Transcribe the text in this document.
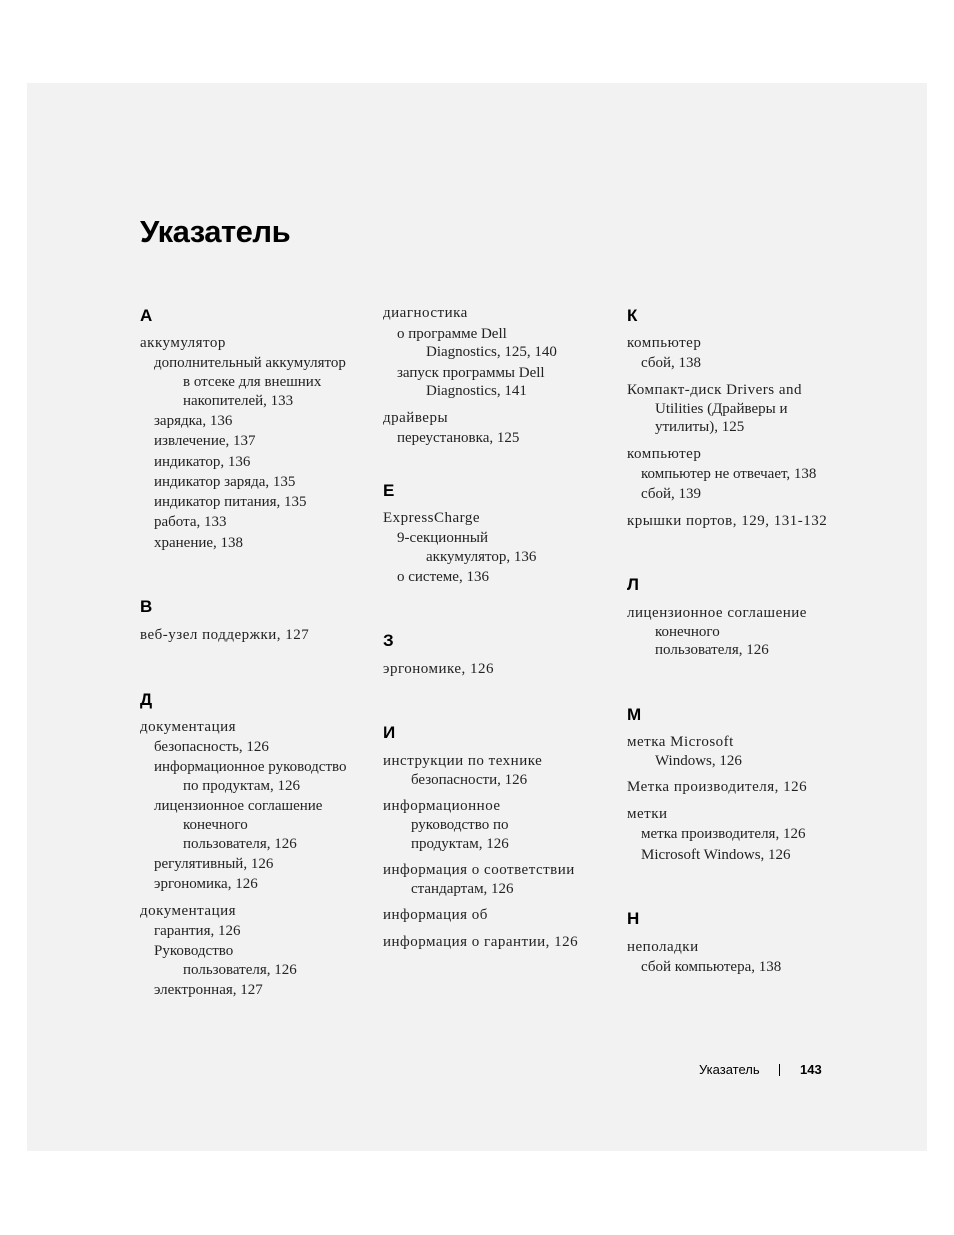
Указатель
А
аккумулятор
дополнительный аккумулятор
в отсеке для внешних
накопителей, 133
зарядка, 136
извлечение, 137
индикатор, 136
индикатор заряда, 135
индикатор питания, 135
работа, 133
хранение, 138
В
веб-узел поддержки, 127
Д
документация
безопасность, 126
информационное руководство
по продуктам, 126
лицензионное соглашение
конечного
пользователя, 126
регулятивный, 126
эргономика, 126
документация
гарантия, 126
Руководство
пользователя, 126
электронная, 127
диагностика
о программе Dell
Diagnostics, 125, 140
запуск программы Dell
Diagnostics, 141
драйверы
переустановка, 125
E
ExpressCharge
9-секционный
аккумулятор, 136
о системе, 136
З
эргономике, 126
И
инструкции по технике
безопасности, 126
информационное
руководство по
продуктам, 126
информация о соответствии
стандартам, 126
информация об
информация о гарантии, 126
К
компьютер
сбой, 138
Компакт-диск Drivers and
Utilities (Драйверы и
утилиты), 125
компьютер
компьютер не отвечает, 138
сбой, 139
крышки портов, 129, 131-132
Л
лицензионное соглашение
конечного
пользователя, 126
М
метка Microsoft
Windows, 126
Метка производителя, 126
метки
метка производителя, 126
Microsoft Windows, 126
Н
неполадки
сбой компьютера, 138
Указатель	143
